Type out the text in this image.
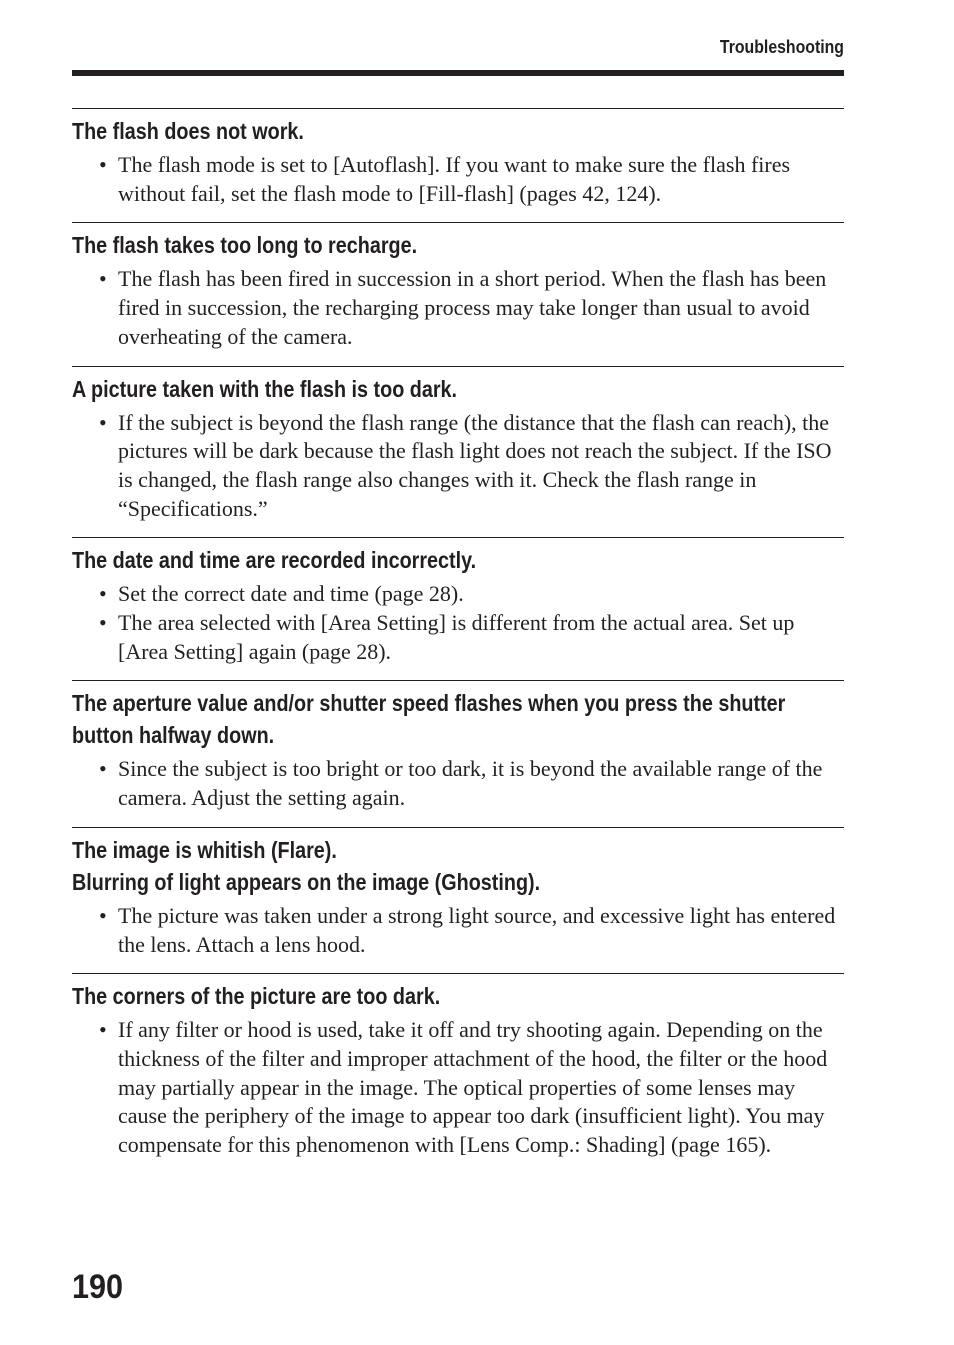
Troubleshooting
The flash does not work.
• The flash mode is set to [Autoflash]. If you want to make sure the flash fires without fail, set the flash mode to [Fill-flash] (pages 42, 124).
The flash takes too long to recharge.
• The flash has been fired in succession in a short period. When the flash has been fired in succession, the recharging process may take longer than usual to avoid overheating of the camera.
A picture taken with the flash is too dark.
• If the subject is beyond the flash range (the distance that the flash can reach), the pictures will be dark because the flash light does not reach the subject. If the ISO is changed, the flash range also changes with it. Check the flash range in “Specifications.”
The date and time are recorded incorrectly.
• Set the correct date and time (page 28).
• The area selected with [Area Setting] is different from the actual area. Set up [Area Setting] again (page 28).
The aperture value and/or shutter speed flashes when you press the shutter button halfway down.
• Since the subject is too bright or too dark, it is beyond the available range of the camera. Adjust the setting again.
The image is whitish (Flare).
Blurring of light appears on the image (Ghosting).
• The picture was taken under a strong light source, and excessive light has entered the lens. Attach a lens hood.
The corners of the picture are too dark.
• If any filter or hood is used, take it off and try shooting again. Depending on the thickness of the filter and improper attachment of the hood, the filter or the hood may partially appear in the image. The optical properties of some lenses may cause the periphery of the image to appear too dark (insufficient light). You may compensate for this phenomenon with [Lens Comp.: Shading] (page 165).
190
